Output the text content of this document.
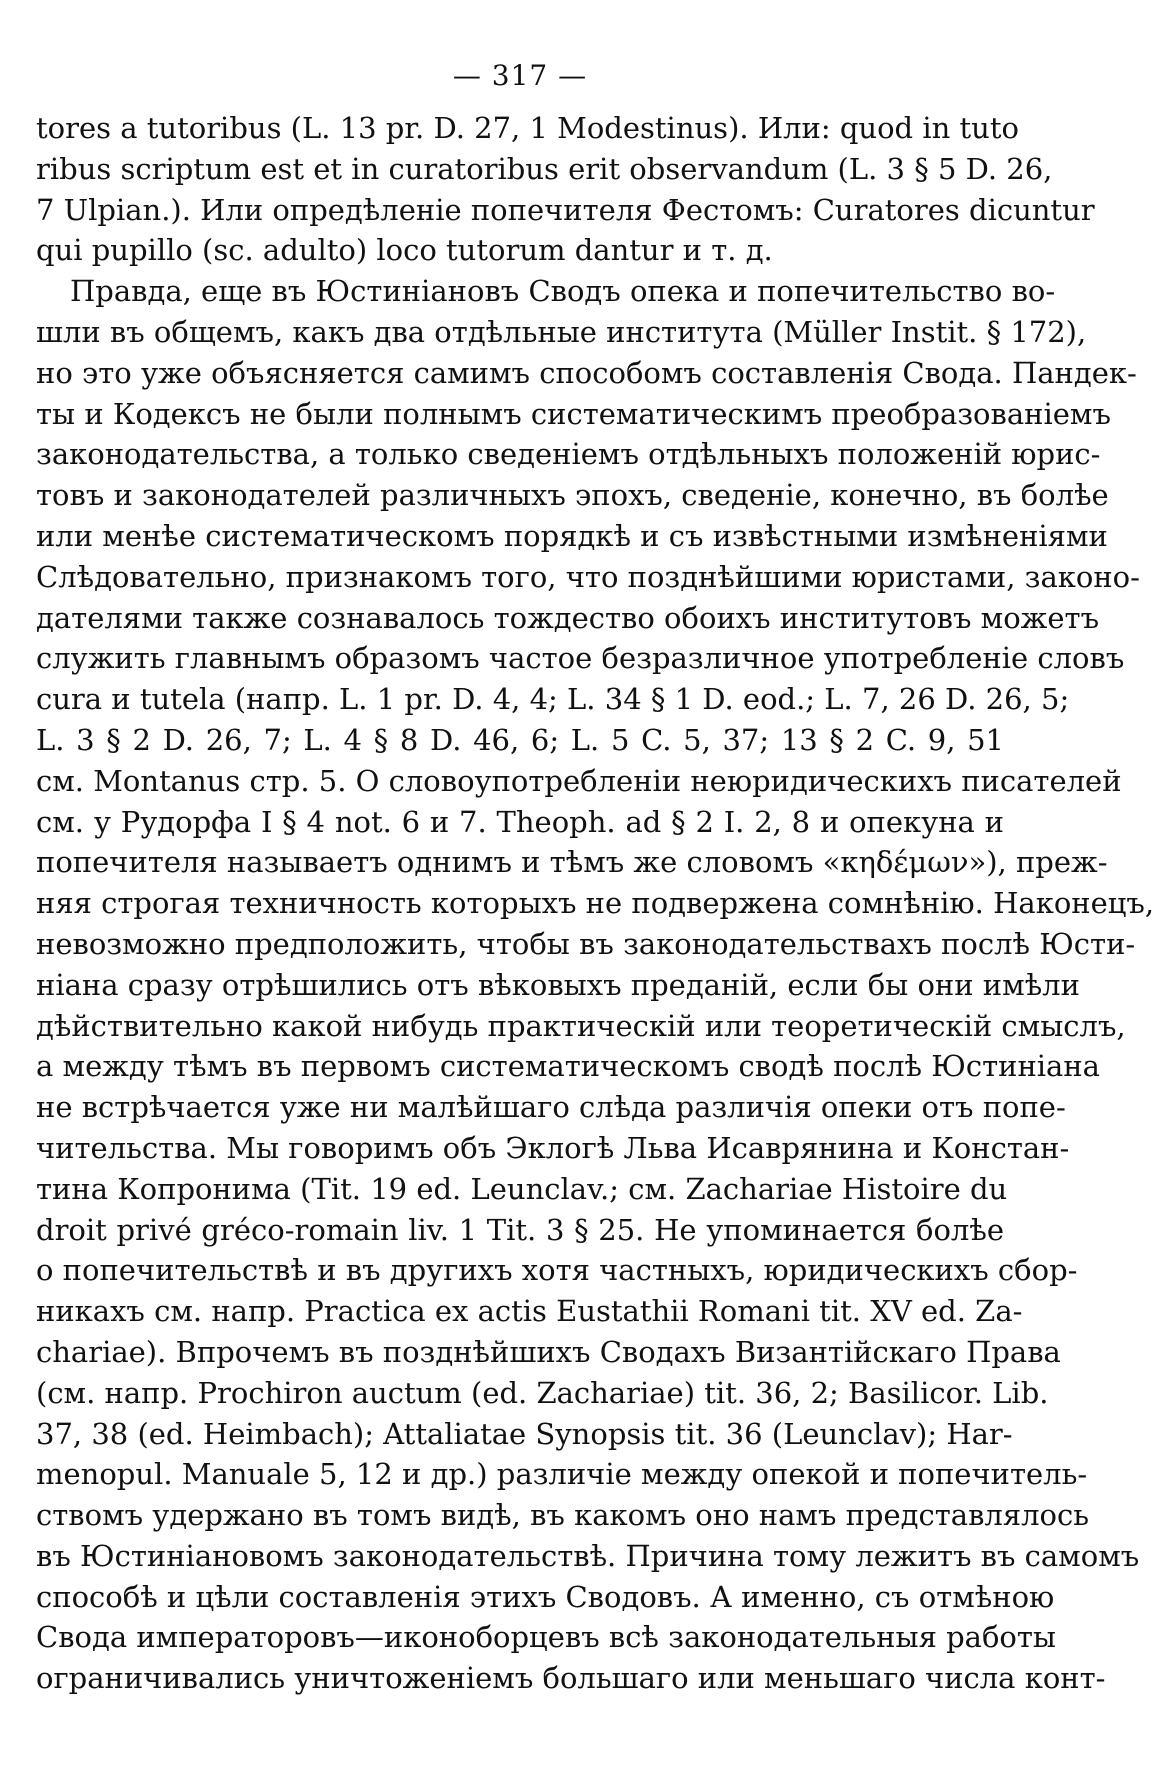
— 317 —
tores a tutoribus (L. 13 pr. D. 27, 1 Modestinus). Или: quod in tuto
ribus scriptum est et in curatoribus erit observandum (L. 3 § 5 D. 26,
7 Ulpian.). Или опредѣленіе попечителя Фестомъ: Curatores dicuntur
qui pupillo (sc. adulto) loco tutorum dantur и т. д.
Правда, еще въ Юстиніановъ Сводъ опека и попечительство во-
шли въ общемъ, какъ два отдѣльные института (Müller Instit. § 172),
но это уже объясняется самимъ способомъ составленія Свода. Пандек-
ты и Кодексъ не были полнымъ систематическимъ преобразованіемъ
законодательства, а только сведеніемъ отдѣльныхъ положеній юрис-
товъ и законодателей различныхъ эпохъ, сведеніе, конечно, въ болѣе
или менѣе систематическомъ порядкѣ и съ извѣстными измѣненіями
Слѣдовательно, признакомъ того, что позднѣйшими юристами, законо-
дателями также сознавалось тождество обоихъ институтовъ можетъ
служить главнымъ образомъ частое безразличное употребленіе словъ
cura и tutela (напр. L. 1 pr. D. 4, 4; L. 34 § 1 D. eod.; L. 7, 26 D. 26, 5;
L. 3 § 2 D. 26, 7; L. 4 § 8 D. 46, 6; L. 5 C. 5, 37; 13 § 2 C. 9, 51
см. Montanus стр. 5. О словоупотребленіи неюридическихъ писателей
см. у Рудорфа I § 4 not. 6 и 7. Theoph. ad § 2 I. 2, 8 и опекуна и
попечителя называетъ однимъ и тѣмъ же словомъ «κηδέμων»), преж-
няя строгая техничность которыхъ не подвержена сомнѣнію. Наконецъ,
невозможно предположить, чтобы въ законодательствахъ послѣ Юсти-
ніана сразу отрѣшились отъ вѣковыхъ преданій, если бы они имѣли
дѣйствительно какой нибудь практическій или теоретическій смыслъ,
а между тѣмъ въ первомъ систематическомъ сводѣ послѣ Юстиніана
не встрѣчается уже ни малѣйшаго слѣда различія опеки отъ попе-
чительства. Мы говоримъ объ Эклогѣ Льва Исаврянина и Констан-
тина Копронима (Tit. 19 ed. Leunclav.; см. Zachariae Histoire du
droit privé gréco-romain liv. 1 Tit. 3 § 25. Не упоминается болѣе
о попечительствѣ и въ другихъ хотя частныхъ, юридическихъ сбор-
никахъ см. напр. Practica ex actis Eustathii Romani tit. XV ed. Za-
chariae). Впрочемъ въ позднѣйшихъ Сводахъ Византійскаго Права
(см. напр. Prochiron auctum (ed. Zachariae) tit. 36, 2; Basilicor. Lib.
37, 38 (ed. Heimbach); Attaliatae Synopsis tit. 36 (Leunclav); Har-
menopul. Manuale 5, 12 и др.) различіе между опекой и попечитель-
ствомъ удержано въ томъ видѣ, въ какомъ оно намъ представлялось
въ Юстиніановомъ законодательствѣ. Причина тому лежитъ въ самомъ
способѣ и цѣли составленія этихъ Сводовъ. А именно, съ отмѣною
Свода императоровъ—иконоборцевъ всѣ законодательныя работы
ограничивались уничтоженіемъ большаго или меньшаго числа конт-
